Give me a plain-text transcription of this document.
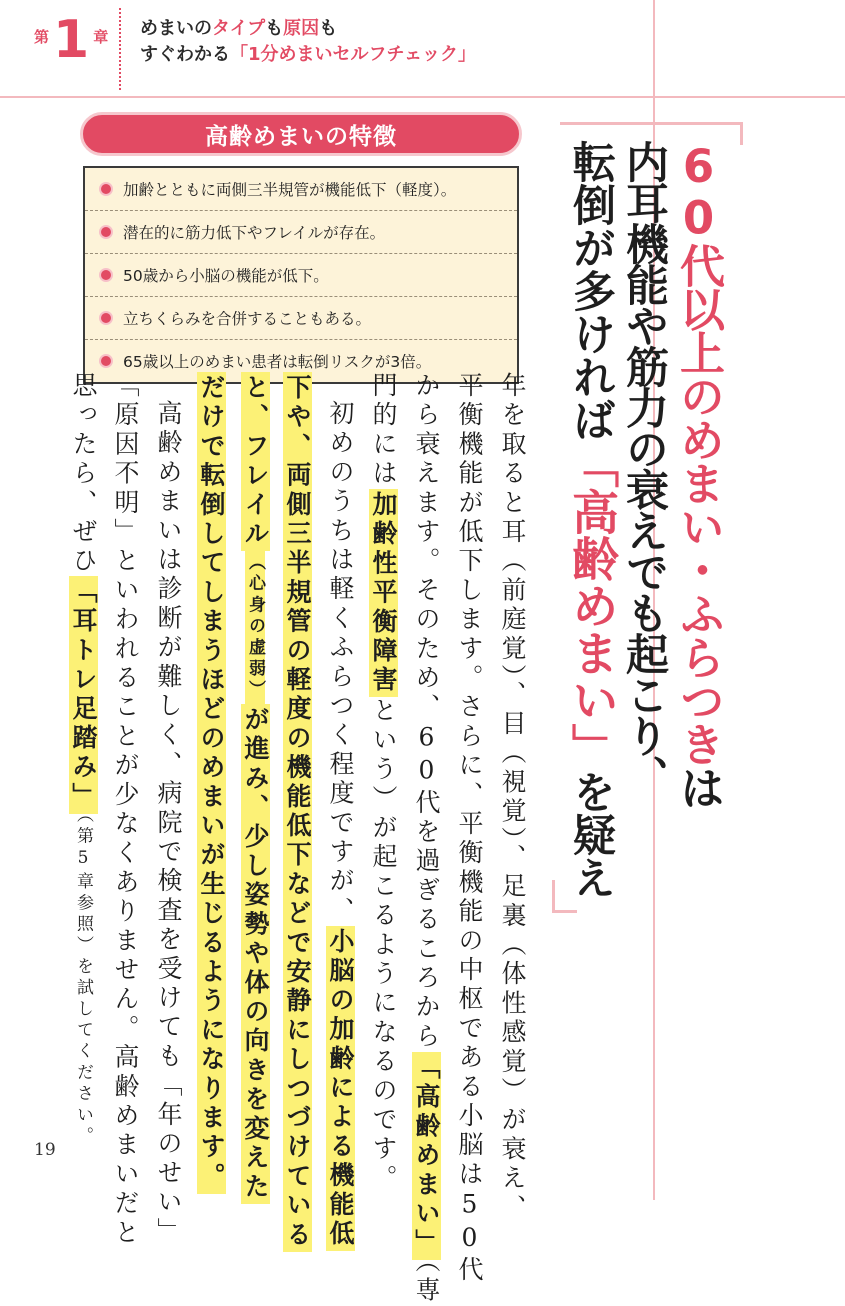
第1 章 めまいのタイプも原因も
すぐわかる「1分めまいセルフチェック」
高齢めまいの特徴
加齢とともに両側三半規管が機能低下（軽度）。
潜在的に筋力低下やフレイルが存在。
50歳から小脳の機能が低下。
立ちくらみを合併することもある。
65歳以上のめまい患者は転倒リスクが3倍。	60代以上のめまい・ふらつきは
内耳機能や筋力の衰えでも起こり、
転倒が多ければ「高齢めまい」を疑え
年を取ると耳（前庭覚）、目（視覚）、足裏（体性感覚）が衰え、
平衡機能が低下します。さらに、平衡機能の中枢である小脳は50代
から衰えます。そのため、60代を過ぎるころから「高齢めまい」（専
門的には加齢性平衡障害という）が起こるようになるのです。
初めのうちは軽くふらつく程度ですが、小脳の加齢による機能低
下や、両側三半規管の軽度の機能低下などで安静にしつづけている
と、フレイル（心身の虚弱）が進み、少し姿勢や体の向きを変えた
だけで転倒してしまうほどのめまいが生じるようになります。
高齢めまいは診断が難しく、病院で検査を受けても「年のせい」
「原因不明」といわれることが少なくありません。高齢めまいだと
思ったら、ぜひ「耳トレ足踏み」（第5章参照）を試してください。
19
